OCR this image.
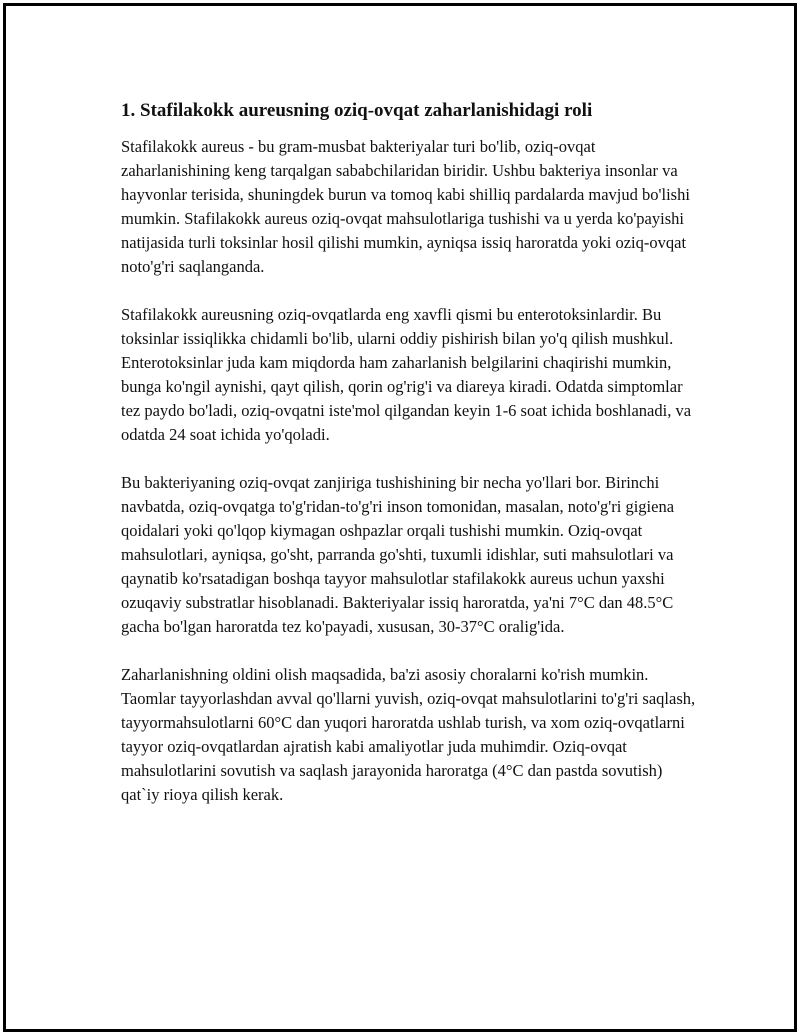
1. Stafilakokk aureusning oziq-ovqat zaharlanishidagi roli

Stafilakokk aureus - bu gram-musbat bakteriyalar turi bo'lib, oziq-ovqat zaharlanishining keng tarqalgan sababchilaridan biridir. Ushbu bakteriya insonlar va hayvonlar terisida, shuningdek burun va tomoq kabi shilliq pardalarda mavjud bo'lishi mumkin. Stafilakokk aureus oziq-ovqat mahsulotlariga tushishi va u yerda ko'payishi natijasida turli toksinlar hosil qilishi mumkin, ayniqsa issiq haroratda yoki oziq-ovqat noto'g'ri saqlanganda.

Stafilakokk aureusning oziq-ovqatlarda eng xavfli qismi bu enterotoksinlardir. Bu toksinlar issiqlikka chidamli bo'lib, ularni oddiy pishirish bilan yo'q qilish mushkul. Enterotoksinlar juda kam miqdorda ham zaharlanish belgilarini chaqirishi mumkin, bunga ko'ngil aynishi, qayt qilish, qorin og'rig'i va diareya kiradi. Odatda simptomlar tez paydo bo'ladi, oziq-ovqatni iste'mol qilgandan keyin 1-6 soat ichida boshlanadi, va odatda 24 soat ichida yo'qoladi.

Bu bakteriyaning oziq-ovqat zanjiriga tushishining bir necha yo'llari bor. Birinchi navbatda, oziq-ovqatga to'g'ridan-to'g'ri inson tomonidan, masalan, noto'g'ri gigiena qoidalari yoki qo'lqop kiymagan oshpazlar orqali tushishi mumkin. Oziq-ovqat mahsulotlari, ayniqsa, go'sht, parranda go'shti, tuxumli idishlar, suti mahsulotlari va qaynatib ko'rsatadigan boshqa tayyor mahsulotlar stafilakokk aureus uchun yaxshi ozuqaviy substratlar hisoblanadi. Bakteriyalar issiq haroratda, ya'ni 7°C dan 48.5°C gacha bo'lgan haroratda tez ko'payadi, xususan, 30-37°C oralig'ida.

Zaharlanishning oldini olish maqsadida, ba'zi asosiy choralarni ko'rish mumkin. Taomlar tayyorlashdan avval qo'llarni yuvish, oziq-ovqat mahsulotlarini to'g'ri saqlash, tayyormahsulotlarni 60°C dan yuqori haroratda ushlab turish, va xom oziq-ovqatlarni tayyor oziq-ovqatlardan ajratish kabi amaliyotlar juda muhimdir. Oziq-ovqat mahsulotlarini sovutish va saqlash jarayonida haroratga (4°C dan pastda sovutish) qat`iy rioya qilish kerak.
